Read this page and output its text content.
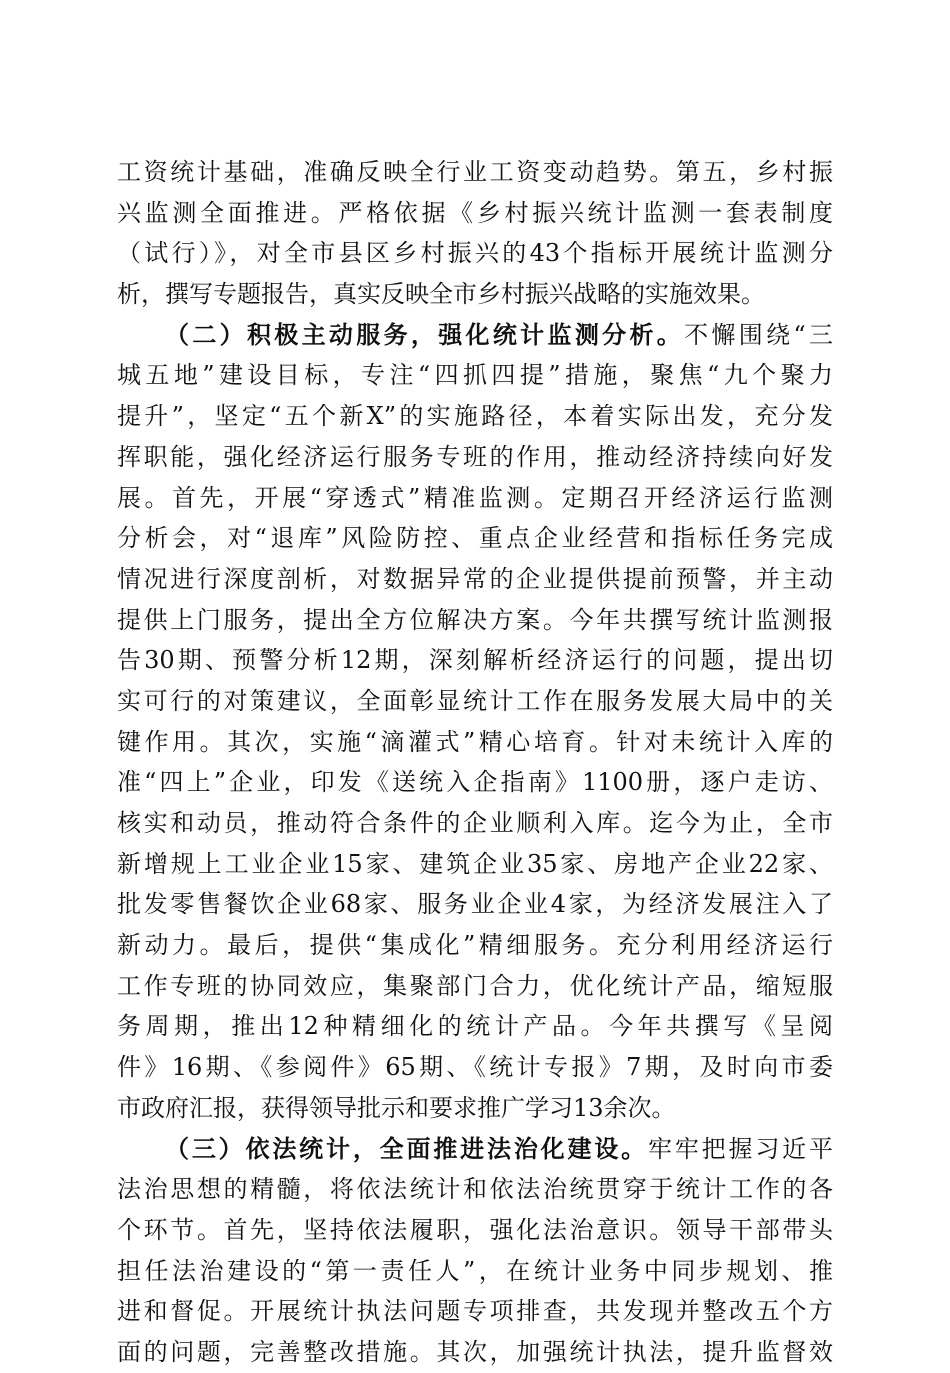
工资统计基础，准确反映全行业工资变动趋势。第五，乡村振
兴监测全面推进。严格依据《乡村振兴统计监测一套表制度
（试行）》，对全市县区乡村振兴的43个指标开展统计监测分
析，撰写专题报告，真实反映全市乡村振兴战略的实施效果。
（二）积极主动服务，强化统计监测分析。不懈围绕“三
城五地”建设目标，专注“四抓四提”措施，聚焦“九个聚力
提升”，坚定“五个新X”的实施路径，本着实际出发，充分发
挥职能，强化经济运行服务专班的作用，推动经济持续向好发
展。首先，开展“穿透式”精准监测。定期召开经济运行监测
分析会，对“退库”风险防控、重点企业经营和指标任务完成
情况进行深度剖析，对数据异常的企业提供提前预警，并主动
提供上门服务，提出全方位解决方案。今年共撰写统计监测报
告30期、预警分析12期，深刻解析经济运行的问题，提出切
实可行的对策建议，全面彰显统计工作在服务发展大局中的关
键作用。其次，实施“滴灌式”精心培育。针对未统计入库的
准“四上”企业，印发《送统入企指南》1100册，逐户走访、
核实和动员，推动符合条件的企业顺利入库。迄今为止，全市
新增规上工业企业15家、建筑企业35家、房地产企业22家、
批发零售餐饮企业68家、服务业企业4家，为经济发展注入了
新动力。最后，提供“集成化”精细服务。充分利用经济运行
工作专班的协同效应，集聚部门合力，优化统计产品，缩短服
务周期，推出12种精细化的统计产品。今年共撰写《呈阅
件》16期、《参阅件》65期、《统计专报》7期，及时向市委
市政府汇报，获得领导批示和要求推广学习13余次。
（三）依法统计，全面推进法治化建设。牢牢把握习近平
法治思想的精髓，将依法统计和依法治统贯穿于统计工作的各
个环节。首先，坚持依法履职，强化法治意识。领导干部带头
担任法治建设的“第一责任人”，在统计业务中同步规划、推
进和督促。开展统计执法问题专项排查，共发现并整改五个方
面的问题，完善整改措施。其次，加强统计执法，提升监督效
